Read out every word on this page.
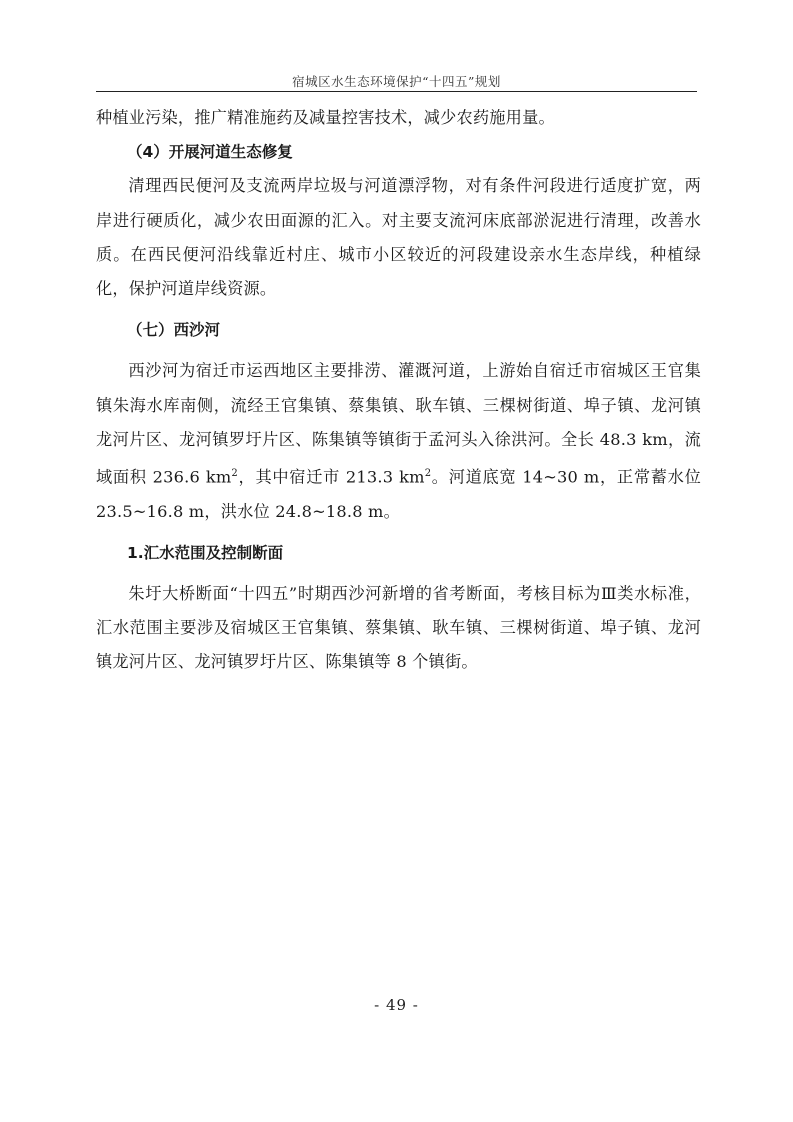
宿城区水生态环境保护“十四五”规划

种植业污染，推广精准施药及减量控害技术，减少农药施用量。

（4）开展河道生态修复

清理西民便河及支流两岸垃圾与河道漂浮物，对有条件河段进行适度扩宽，两岸进行硬质化，减少农田面源的汇入。对主要支流河床底部淤泥进行清理，改善水质。在西民便河沿线靠近村庄、城市小区较近的河段建设亲水生态岸线，种植绿化，保护河道岸线资源。

（七）西沙河

西沙河为宿迁市运西地区主要排涝、灌溉河道，上游始自宿迁市宿城区王官集镇朱海水库南侧，流经王官集镇、蔡集镇、耿车镇、三棵树街道、埠子镇、龙河镇龙河片区、龙河镇罗圩片区、陈集镇等镇街于孟河头入徐洪河。全长 48.3 km，流域面积 236.6 $km^2$，其中宿迁市 213.3 $km^2$。河道底宽 14~30 m，正常蓄水位 23.5~16.8 m，洪水位 24.8~18.8 m。

1.汇水范围及控制断面

朱圩大桥断面“十四五”时期西沙河新增的省考断面，考核目标为Ⅲ类水标准，汇水范围主要涉及宿城区王官集镇、蔡集镇、耿车镇、三棵树街道、埠子镇、龙河镇龙河片区、龙河镇罗圩片区、陈集镇等 8 个镇街。

- 49 -
